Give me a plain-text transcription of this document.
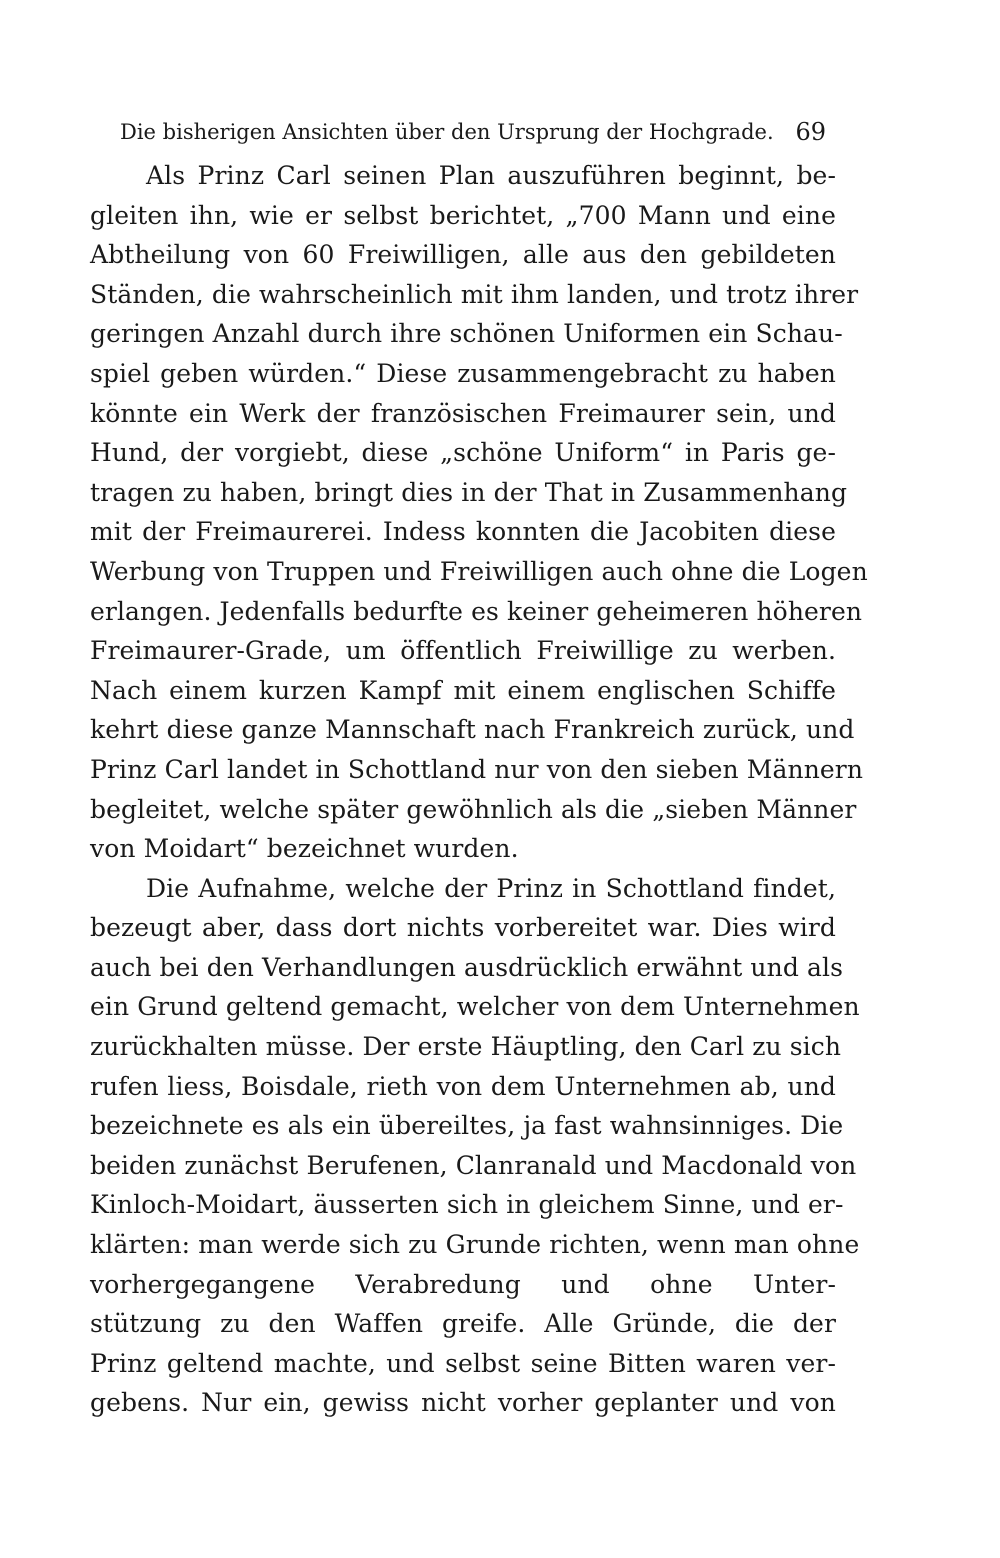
Die bisherigen Ansichten über den Ursprung der Hochgrade. 69
Als Prinz Carl seinen Plan auszuführen beginnt, be-
gleiten ihn, wie er selbst berichtet, „700 Mann und eine
Abtheilung von 60 Freiwilligen, alle aus den gebildeten
Ständen, die wahrscheinlich mit ihm landen, und trotz ihrer
geringen Anzahl durch ihre schönen Uniformen ein Schau-
spiel geben würden.“ Diese zusammengebracht zu haben
könnte ein Werk der französischen Freimaurer sein, und
Hund, der vorgiebt, diese „schöne Uniform“ in Paris ge-
tragen zu haben, bringt dies in der That in Zusammenhang
mit der Freimaurerei. Indess konnten die Jacobiten diese
Werbung von Truppen und Freiwilligen auch ohne die Logen
erlangen. Jedenfalls bedurfte es keiner geheimeren höheren
Freimaurer-Grade, um öffentlich Freiwillige zu werben.
Nach einem kurzen Kampf mit einem englischen Schiffe
kehrt diese ganze Mannschaft nach Frankreich zurück, und
Prinz Carl landet in Schottland nur von den sieben Männern
begleitet, welche später gewöhnlich als die „sieben Männer
von Moidart“ bezeichnet wurden.
Die Aufnahme, welche der Prinz in Schottland findet,
bezeugt aber, dass dort nichts vorbereitet war. Dies wird
auch bei den Verhandlungen ausdrücklich erwähnt und als
ein Grund geltend gemacht, welcher von dem Unternehmen
zurückhalten müsse. Der erste Häuptling, den Carl zu sich
rufen liess, Boisdale, rieth von dem Unternehmen ab, und
bezeichnete es als ein übereiltes, ja fast wahnsinniges. Die
beiden zunächst Berufenen, Clanranald und Macdonald von
Kinloch-Moidart, äusserten sich in gleichem Sinne, und er-
klärten: man werde sich zu Grunde richten, wenn man ohne
vorhergegangene Verabredung und ohne Unter-
stützung zu den Waffen greife. Alle Gründe, die der
Prinz geltend machte, und selbst seine Bitten waren ver-
gebens. Nur ein, gewiss nicht vorher geplanter und von
